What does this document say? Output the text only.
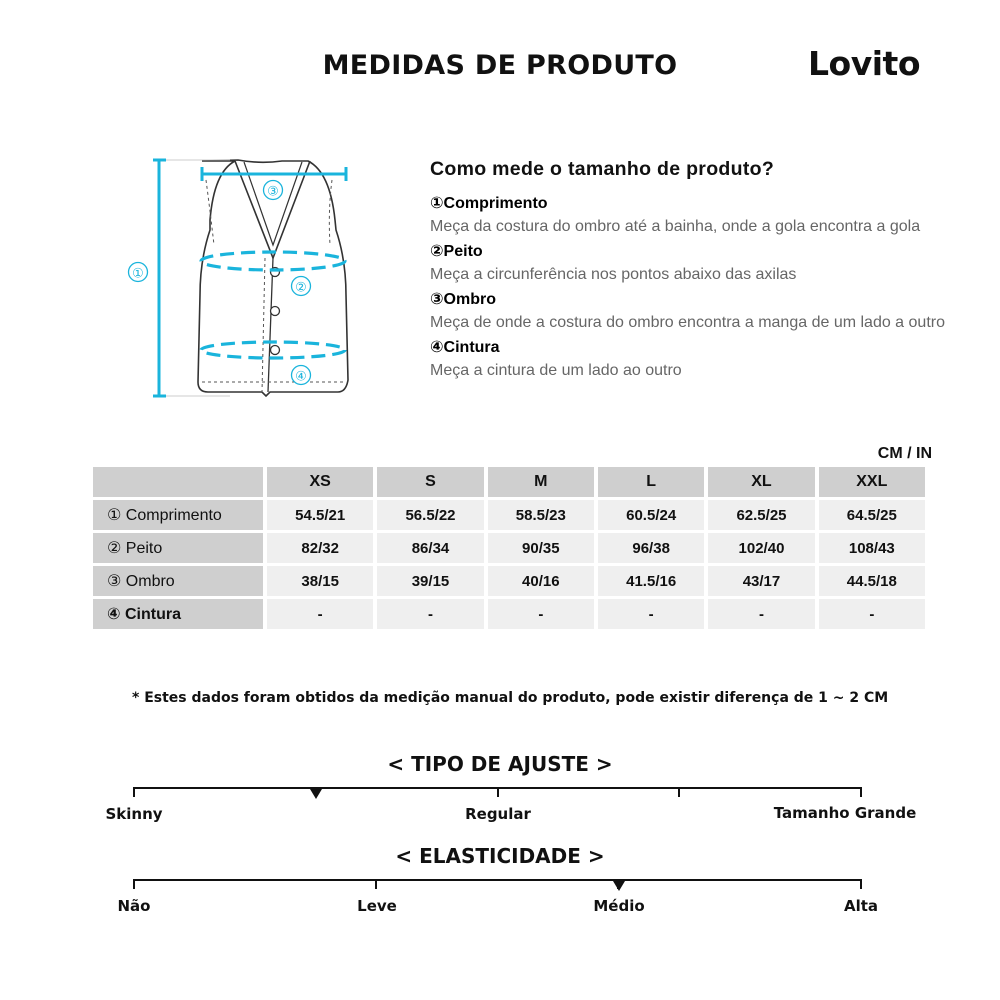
MEDIDAS DE PRODUTO	Lovito
①
②
③
④
Como mede o tamanho de produto?
①Comprimento
Meça da costura do ombro até a bainha, onde a gola encontra a gola
②Peito
Meça a circunferência nos pontos abaixo das axilas
③Ombro
Meça de onde a costura do ombro encontra a manga de um lado a outro
④Cintura
Meça a cintura de um lado ao outro
CM / IN
	XS	S	M	L	XL	XXL
① Comprimento	54.5/21	56.5/22	58.5/23	60.5/24	62.5/25	64.5/25
② Peito	82/32	86/34	90/35	96/38	102/40	108/43
③ Ombro	38/15	39/15	40/16	41.5/16	43/17	44.5/18
④ Cintura	-	-	-	-	-	-
* Estes dados foram obtidos da medição manual do produto, pode existir diferença de 1 ~ 2 CM
< TIPO DE AJUSTE >
Skinny	Regular	Tamanho Grande
< ELASTICIDADE >
Não	Leve	Médio	Alta
